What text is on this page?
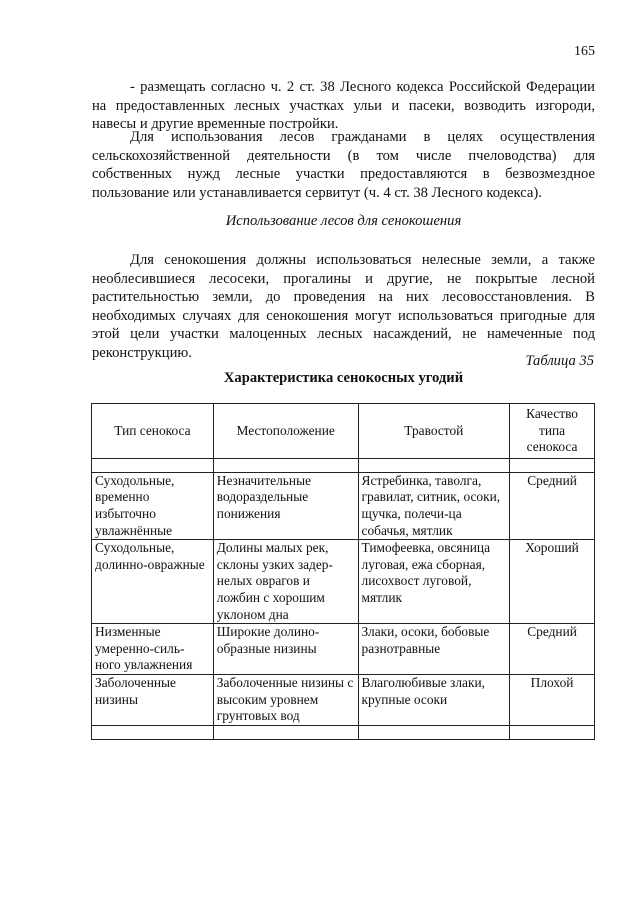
165

- размещать согласно ч. 2 ст. 38 Лесного кодекса Российской Федерации на предоставленных лесных участках ульи и пасеки, возводить изгороди, навесы и другие временные постройки.

Для использования лесов гражданами в целях осуществления сельскохозяйственной деятельности (в том числе пчеловодства) для собственных нужд лесные участки предоставляются в безвозмездное пользование или устанавливается сервитут (ч. 4 ст. 38 Лесного кодекса).

Использование лесов для сенокошения

Для сенокошения должны использоваться нелесные земли, а также необлесившиеся лесосеки, прогалины и другие, не покрытые лесной растительностью земли, до проведения на них лесовосстановления. В необходимых случаях для сенокошения могут использоваться пригодные для этой цели участки малоценных лесных насаждений, не намеченные под реконструкцию.

Таблица 35
Характеристика сенокосных угодий
Тип сенокоса	Местоположение	Травостой	Качество типа сенокоса

Суходольные, временно избыточно увлажнённые	Незначительные водораздельные понижения	Ястребинка, таволга, гравилат, ситник, осоки, щучка, полечи-ца собачья, мятлик	Средний
Суходольные, долинно-овражные	Долины малых рек, склоны узких задер-нелых оврагов и ложбин с хорошим уклоном дна	Тимофеевка, овсяница луговая, ежа сборная, лисохвост луговой, мятлик	Хороший
Низменные умеренно-силь-ного увлажнения	Широкие долино-образные низины	Злаки, осоки, бобовые разнотравные	Средний
Заболоченные низины	Заболоченные низины с высоким уровнем грунтовых вод	Влаголюбивые злаки, крупные осоки	Плохой
